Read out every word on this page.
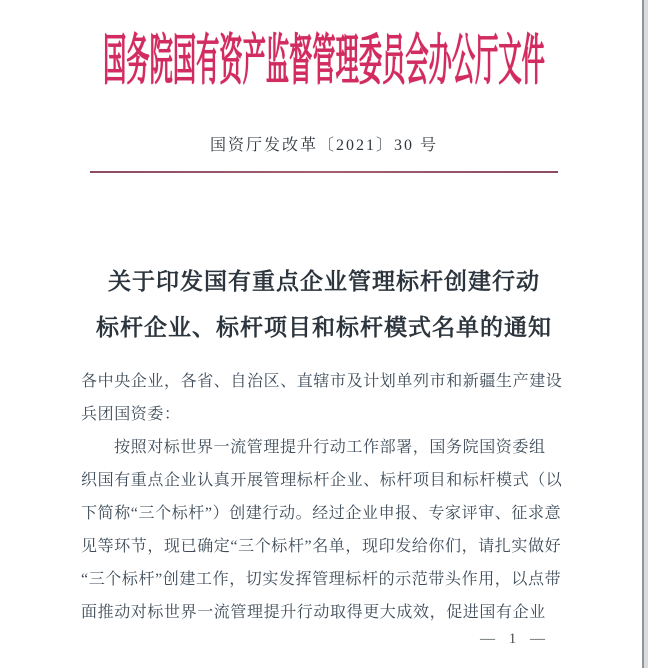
国务院国有资产监督管理委员会办公厅文件
国资厅发改革〔2021〕30 号
关于印发国有重点企业管理标杆创建行动
标杆企业、标杆项目和标杆模式名单的通知
各中央企业，各省、自治区、直辖市及计划单列市和新疆生产建设
兵团国资委：
按照对标世界一流管理提升行动工作部署，国务院国资委组
织国有重点企业认真开展管理标杆企业、标杆项目和标杆模式（以
下简称“三个标杆”）创建行动。经过企业申报、专家评审、征求意
见等环节，现已确定“三个标杆”名单，现印发给你们，请扎实做好
“三个标杆”创建工作，切实发挥管理标杆的示范带头作用，以点带
面推动对标世界一流管理提升行动取得更大成效，促进国有企业
— 1 —
